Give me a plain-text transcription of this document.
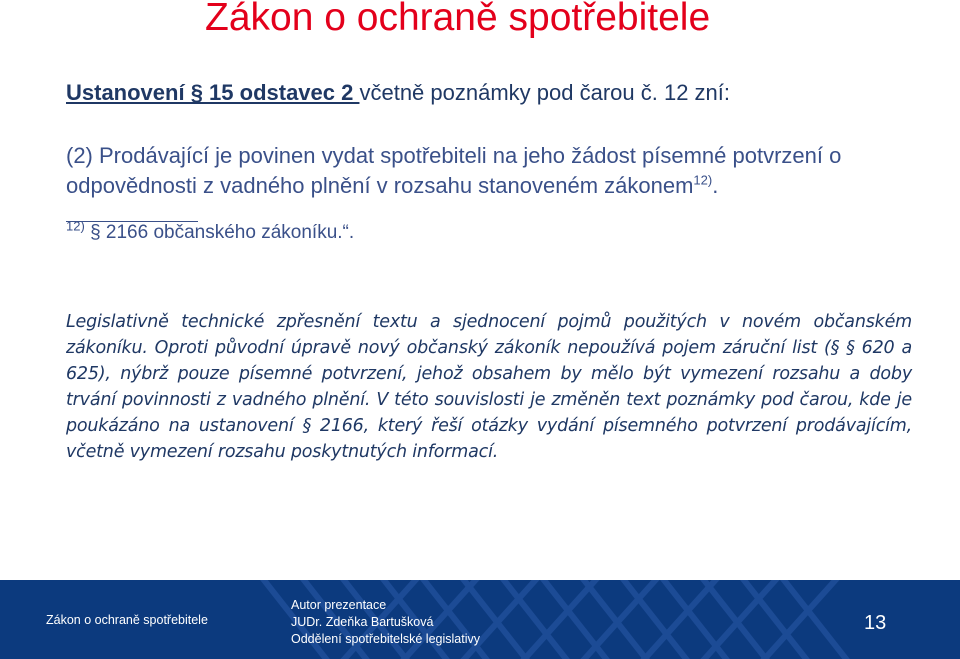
Zákon o ochraně spotřebitele
Ustanovení § 15 odstavec 2 včetně poznámky pod čarou č. 12 zní:
(2) Prodávající je povinen vydat spotřebiteli na jeho žádost písemné potvrzení o odpovědnosti z vadného plnění v rozsahu stanoveném zákonem$^{12)}$.
$^{12)}$ § 2166 občanského zákoníku.“.
Legislativně technické zpřesnění textu a sjednocení pojmů použitých v novém občanském zákoníku. Oproti původní úpravě nový občanský zákoník nepoužívá pojem záruční list (§ § 620 a 625), nýbrž pouze písemné potvrzení, jehož obsahem by mělo být vymezení rozsahu a doby trvání povinnosti z vadného plnění. V této souvislosti je změněn text poznámky pod čarou, kde je poukázáno na ustanovení § 2166, který řeší otázky vydání písemného potvrzení prodávajícím, včetně vymezení rozsahu poskytnutých informací.
Zákon o ochraně spotřebitele
Autor prezentace
JUDr. Zdeňka Bartušková
Oddělení spotřebitelské legislativy
13
